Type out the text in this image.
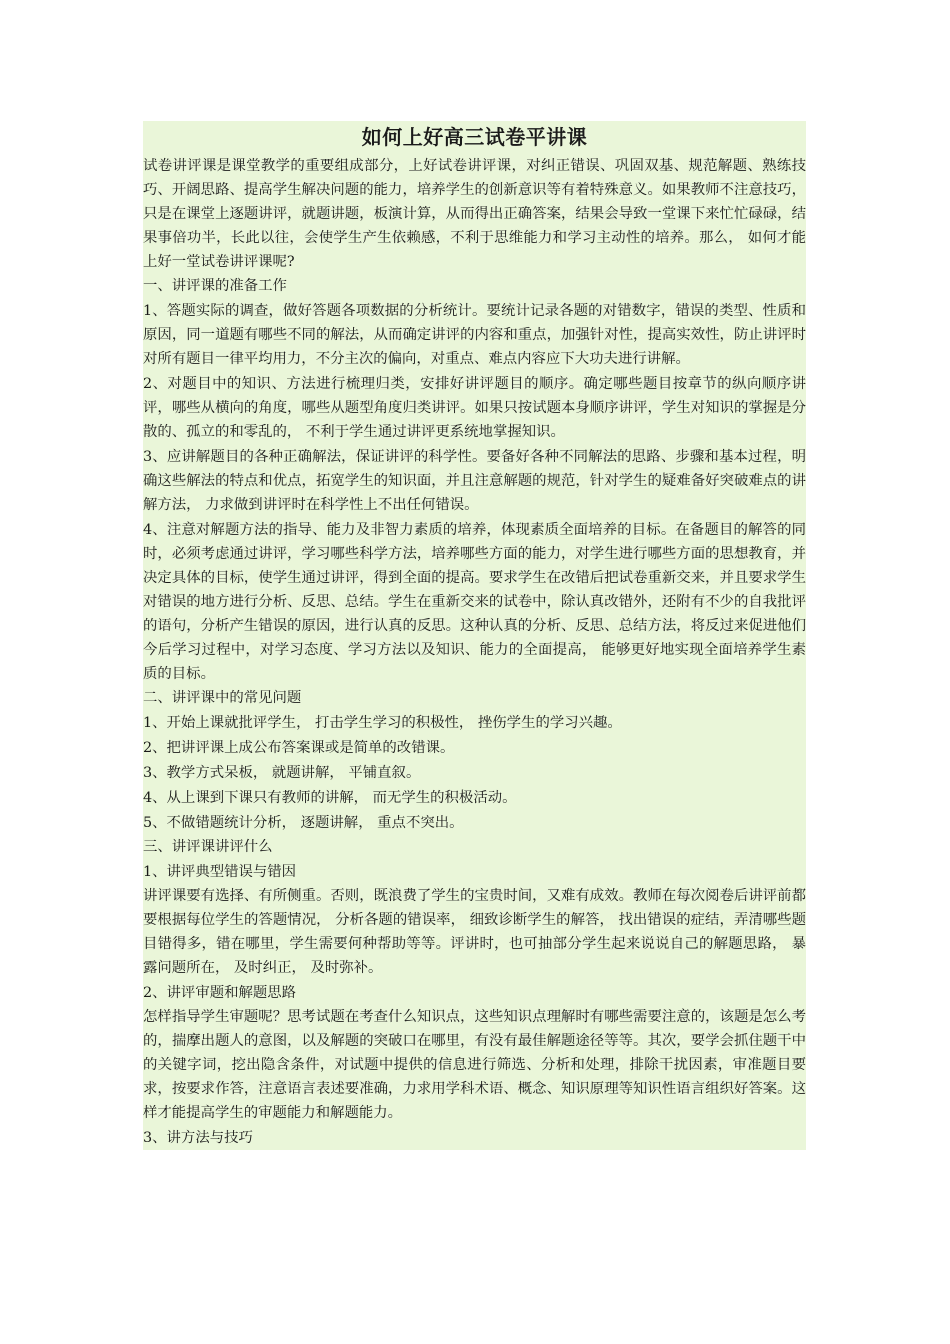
如何上好高三试卷平讲课

试卷讲评课是课堂教学的重要组成部分，上好试卷讲评课，对纠正错误、巩固双基、规范解题、熟练技巧、开阔思路、提高学生解决问题的能力，培养学生的创新意识等有着特殊意义。如果教师不注意技巧，只是在课堂上逐题讲评，就题讲题，板演计算，从而得出正确答案，结果会导致一堂课下来忙忙碌碌，结果事倍功半，长此以往，会使学生产生依赖感，不利于思维能力和学习主动性的培养。那么， 如何才能上好一堂试卷讲评课呢?

一、讲评课的准备工作

1、答题实际的调查，做好答题各项数据的分析统计。要统计记录各题的对错数字，错误的类型、性质和原因，同一道题有哪些不同的解法，从而确定讲评的内容和重点，加强针对性，提高实效性，防止讲评时对所有题目一律平均用力，不分主次的偏向，对重点、难点内容应下大功夫进行讲解。

2、对题目中的知识、方法进行梳理归类，安排好讲评题目的顺序。确定哪些题目按章节的纵向顺序讲评，哪些从横向的角度，哪些从题型角度归类讲评。如果只按试题本身顺序讲评，学生对知识的掌握是分散的、孤立的和零乱的， 不利于学生通过讲评更系统地掌握知识。

3、应讲解题目的各种正确解法，保证讲评的科学性。要备好各种不同解法的思路、步骤和基本过程，明确这些解法的特点和优点，拓宽学生的知识面，并且注意解题的规范，针对学生的疑难备好突破难点的讲解方法， 力求做到讲评时在科学性上不出任何错误。

4、注意对解题方法的指导、能力及非智力素质的培养，体现素质全面培养的目标。在备题目的解答的同时，必须考虑通过讲评，学习哪些科学方法，培养哪些方面的能力，对学生进行哪些方面的思想教育，并决定具体的目标，使学生通过讲评，得到全面的提高。要求学生在改错后把试卷重新交来，并且要求学生对错误的地方进行分析、反思、总结。学生在重新交来的试卷中，除认真改错外，还附有不少的自我批评的语句，分析产生错误的原因，进行认真的反思。这种认真的分析、反思、总结方法，将反过来促进他们今后学习过程中，对学习态度、学习方法以及知识、能力的全面提高， 能够更好地实现全面培养学生素质的目标。

二、讲评课中的常见问题

1、开始上课就批评学生， 打击学生学习的积极性， 挫伤学生的学习兴趣。

2、把讲评课上成公布答案课或是简单的改错课。

3、教学方式呆板， 就题讲解， 平铺直叙。

4、从上课到下课只有教师的讲解， 而无学生的积极活动。

5、不做错题统计分析， 逐题讲解， 重点不突出。

三、讲评课讲评什么

1、讲评典型错误与错因

讲评课要有选择、有所侧重。否则，既浪费了学生的宝贵时间，又难有成效。教师在每次阅卷后讲评前都要根据每位学生的答题情况， 分析各题的错误率， 细致诊断学生的解答， 找出错误的症结，弄清哪些题目错得多，错在哪里，学生需要何种帮助等等。评讲时，也可抽部分学生起来说说自己的解题思路， 暴露问题所在， 及时纠正， 及时弥补。

2、讲评审题和解题思路

怎样指导学生审题呢？思考试题在考查什么知识点，这些知识点理解时有哪些需要注意的，该题是怎么考的，揣摩出题人的意图，以及解题的突破口在哪里，有没有最佳解题途径等等。其次，要学会抓住题干中的关键字词，挖出隐含条件，对试题中提供的信息进行筛选、分析和处理，排除干扰因素，审准题目要求，按要求作答，注意语言表述要准确，力求用学科术语、概念、知识原理等知识性语言组织好答案。这样才能提高学生的审题能力和解题能力。

3、讲方法与技巧
